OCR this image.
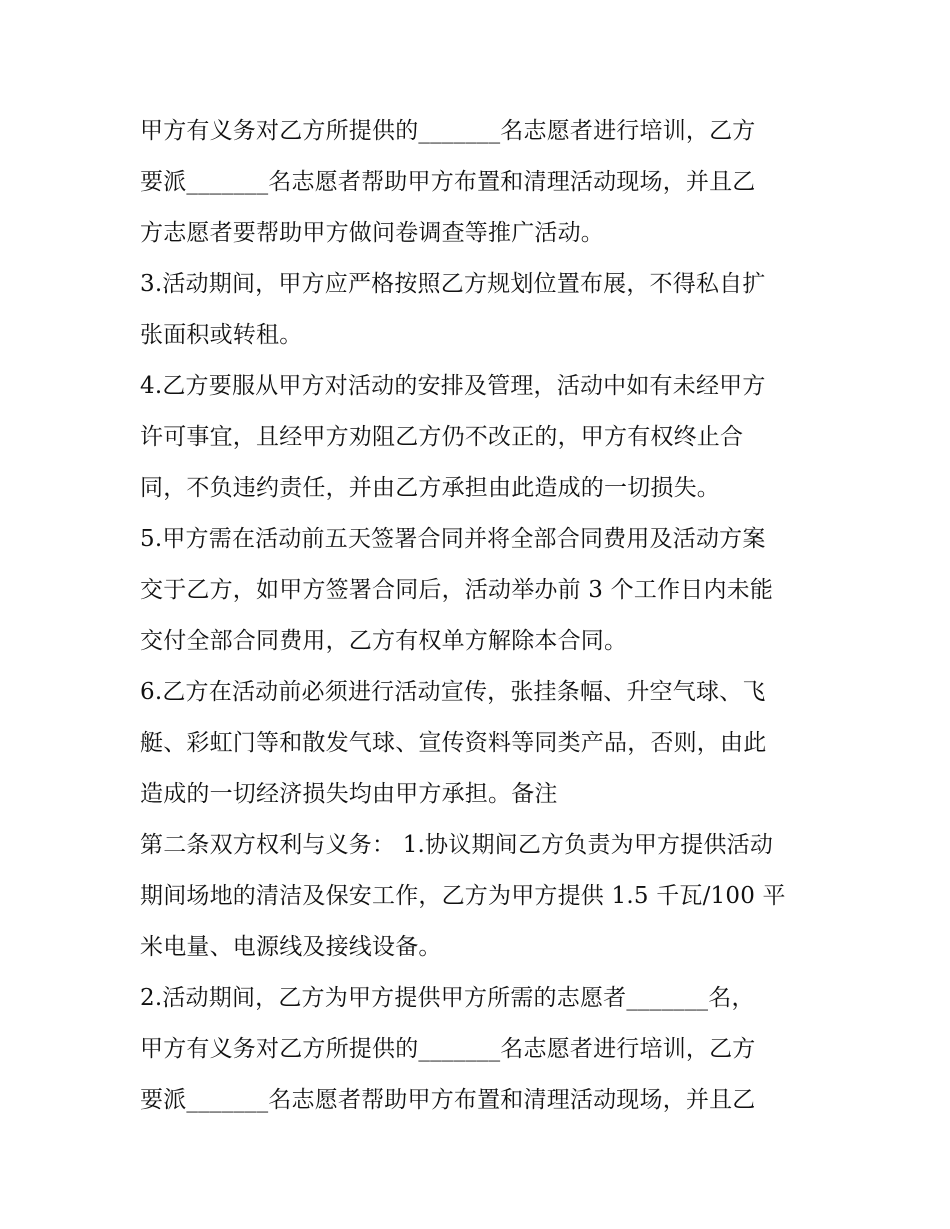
甲方有义务对乙方所提供的_______名志愿者进行培训，乙方
要派_______名志愿者帮助甲方布置和清理活动现场，并且乙
方志愿者要帮助甲方做问卷调查等推广活动。
3.活动期间，甲方应严格按照乙方规划位置布展，不得私自扩
张面积或转租。
4.乙方要服从甲方对活动的安排及管理，活动中如有未经甲方
许可事宜，且经甲方劝阻乙方仍不改正的，甲方有权终止合
同，不负违约责任，并由乙方承担由此造成的一切损失。
5.甲方需在活动前五天签署合同并将全部合同费用及活动方案
交于乙方，如甲方签署合同后，活动举办前 3 个工作日内未能
交付全部合同费用，乙方有权单方解除本合同。
6.乙方在活动前必须进行活动宣传，张挂条幅、升空气球、飞
艇、彩虹门等和散发气球、宣传资料等同类产品，否则，由此
造成的一切经济损失均由甲方承担。备注
第二条双方权利与义务： 1.协议期间乙方负责为甲方提供活动
期间场地的清洁及保安工作，乙方为甲方提供 1.5 千瓦/100 平
米电量、电源线及接线设备。
2.活动期间，乙方为甲方提供甲方所需的志愿者_______名，
甲方有义务对乙方所提供的_______名志愿者进行培训，乙方
要派_______名志愿者帮助甲方布置和清理活动现场，并且乙
